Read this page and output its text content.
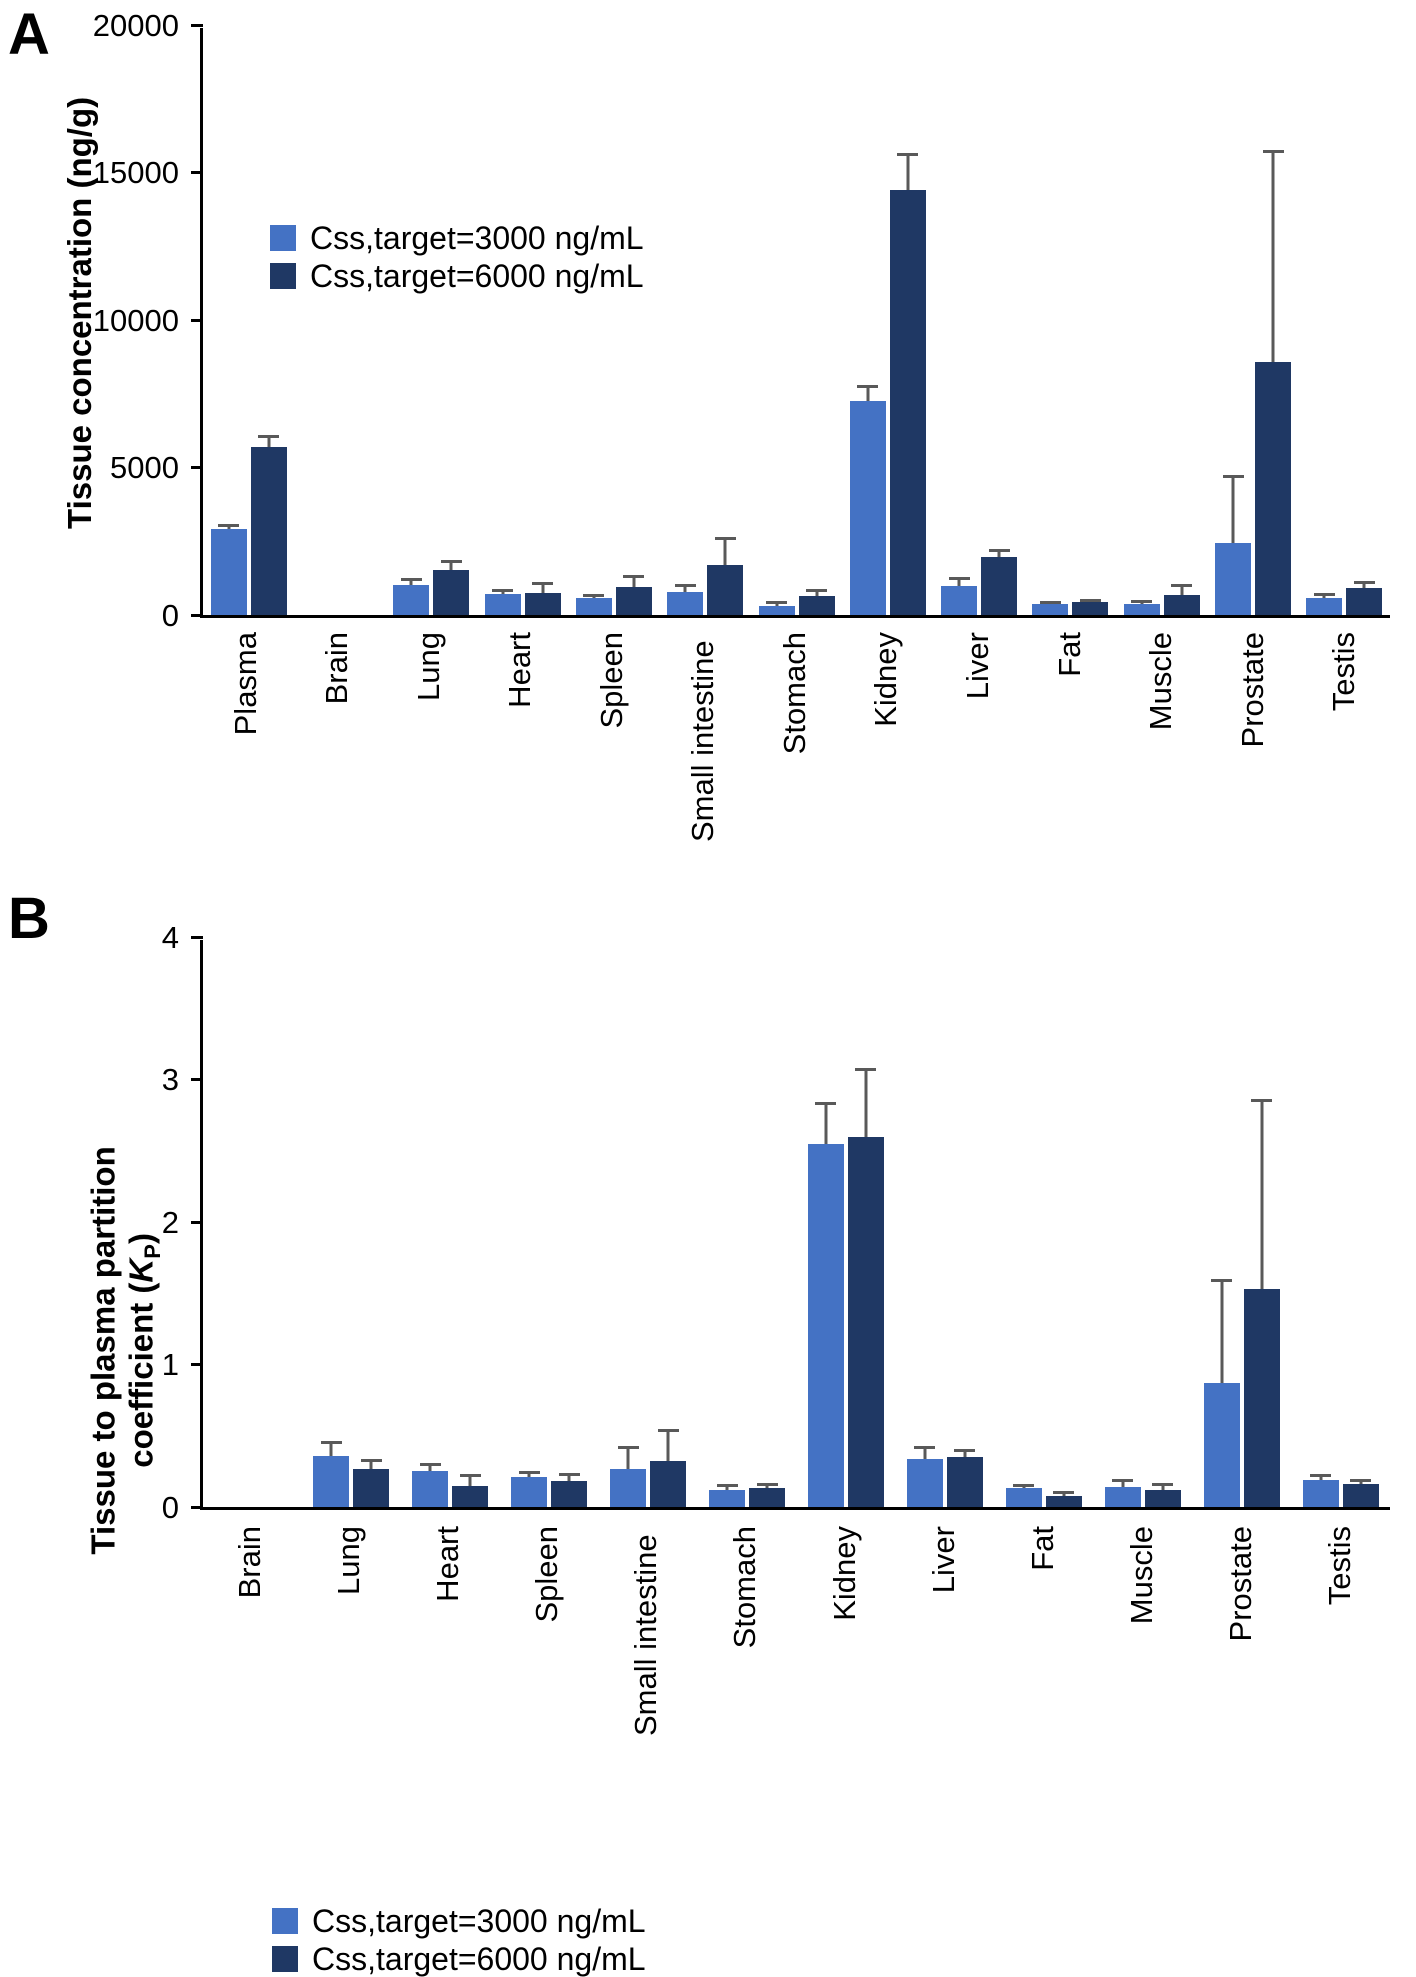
A
Tissue concentration (ng/g)
0
5000
10000
15000
20000
Plasma Brain Lung Heart Spleen Small intestine Stomach Kidney Liver Fat Muscle Prostate Testis
Css,target=3000 ng/mL
Css,target=6000 ng/mL
B
Tissue to plasma partition coefficient $(K_P)$
0
1
2
3
4
Brain Lung Heart Spleen Small intestine Stomach Kidney Liver Fat Muscle Prostate Testis
Css,target=3000 ng/mL
Css,target=6000 ng/mL
